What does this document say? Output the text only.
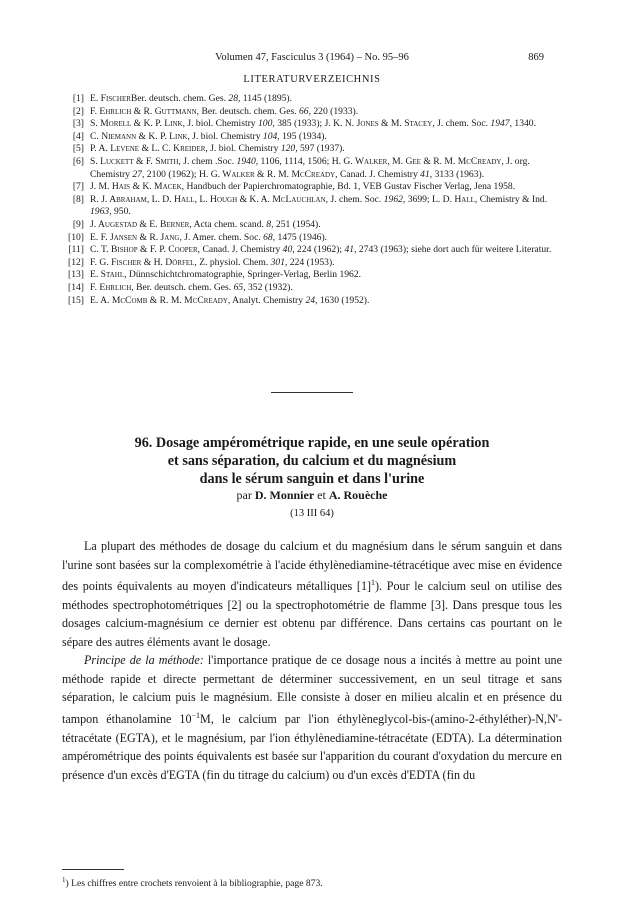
Volumen 47, Fasciculus 3 (1964) – No. 95–96	869
LITERATURVERZEICHNIS
[1] E. FischerBer. deutsch. chem. Ges. 28, 1145 (1895).
[2] F. Ehrlich & R. Guttmann, Ber. deutsch. chem. Ges. 66, 220 (1933).
[3] S. Morell & K. P. Link, J. biol. Chemistry 100, 385 (1933); J. K. N. Jones & M. Stacey, J. chem. Soc. 1947, 1340.
[4] C. Niemann & K. P. Link, J. biol. Chemistry 104, 195 (1934).
[5] P. A. Levene & L. C. Kreider, J. biol. Chemistry 120, 597 (1937).
[6] S. Luckett & F. Smith, J. chem .Soc. 1940, 1106, 1114, 1506; H. G. Walker, M. Gee & R. M. McCready, J. org. Chemistry 27, 2100 (1962); H. G. Walker & R. M. McCready, Canad. J. Chemistry 41, 3133 (1963).
[7] J. M. Hais & K. Macek, Handbuch der Papierchromatographie, Bd. 1, VEB Gustav Fischer Verlag, Jena 1958.
[8] R. J. Abraham, L. D. Hall, L. Hough & K. A. McLauchlan, J. chem. Soc. 1962, 3699; L. D. Hall, Chemistry & Ind. 1963, 950.
[9] J. Augestad & E. Berner, Acta chem. scand. 8, 251 (1954).
[10] E. F. Jansen & R. Jang, J. Amer. chem. Soc. 68, 1475 (1946).
[11] C. T. Bishop & F. P. Cooper, Canad. J. Chemistry 40, 224 (1962); 41, 2743 (1963); siehe dort auch für weitere Literatur.
[12] F. G. Fischer & H. Dörfel, Z. physiol. Chem. 301, 224 (1953).
[13] E. Stahl, Dünnschichtchromatographie, Springer-Verlag, Berlin 1962.
[14] F. Ehrlich, Ber. deutsch. chem. Ges. 65, 352 (1932).
[15] E. A. McComb & R. M. McCready, Analyt. Chemistry 24, 1630 (1952).
96. Dosage ampérométrique rapide, en une seule opération
et sans séparation, du calcium et du magnésium
dans le sérum sanguin et dans l'urine
par D. Monnier et A. Rouèche
(13 III 64)

La plupart des méthodes de dosage du calcium et du magnésium dans le sérum sanguin et dans l'urine sont basées sur la complexométrie à l'acide éthylènediamine-tétracétique avec mise en évidence des points équivalents au moyen d'indicateurs métalliques $[1]^1$). Pour le calcium seul on utilise des méthodes spectrophotométriques [2] ou la spectrophotométrie de flamme [3]. Dans presque tous les dosages calcium-magnésium ce dernier est obtenu par différence. Dans certains cas pourtant on le sépare des autres éléments avant le dosage.

Principe de la méthode: l'importance pratique de ce dosage nous a incités à mettre au point une méthode rapide et directe permettant de déterminer successivement, en un seul titrage et sans séparation, le calcium puis le magnésium. Elle consiste à doser en milieu alcalin et en présence du tampon éthanolamine $10^{-1}M$, le calcium par l'ion éthylèneglycol-bis-(amino-2-éthyléther)-N,N'-tétracétate (EGTA), et le magnésium, par l'ion éthylènediamine-tétracétate (EDTA). La détermination ampérométrique des points équivalents est basée sur l'apparition du courant d'oxydation du mercure en présence d'un excès d'EGTA (fin du titrage du calcium) ou d'un excès d'EDTA (fin du

$^1$) Les chiffres entre crochets renvoient à la bibliographie, page 873.
